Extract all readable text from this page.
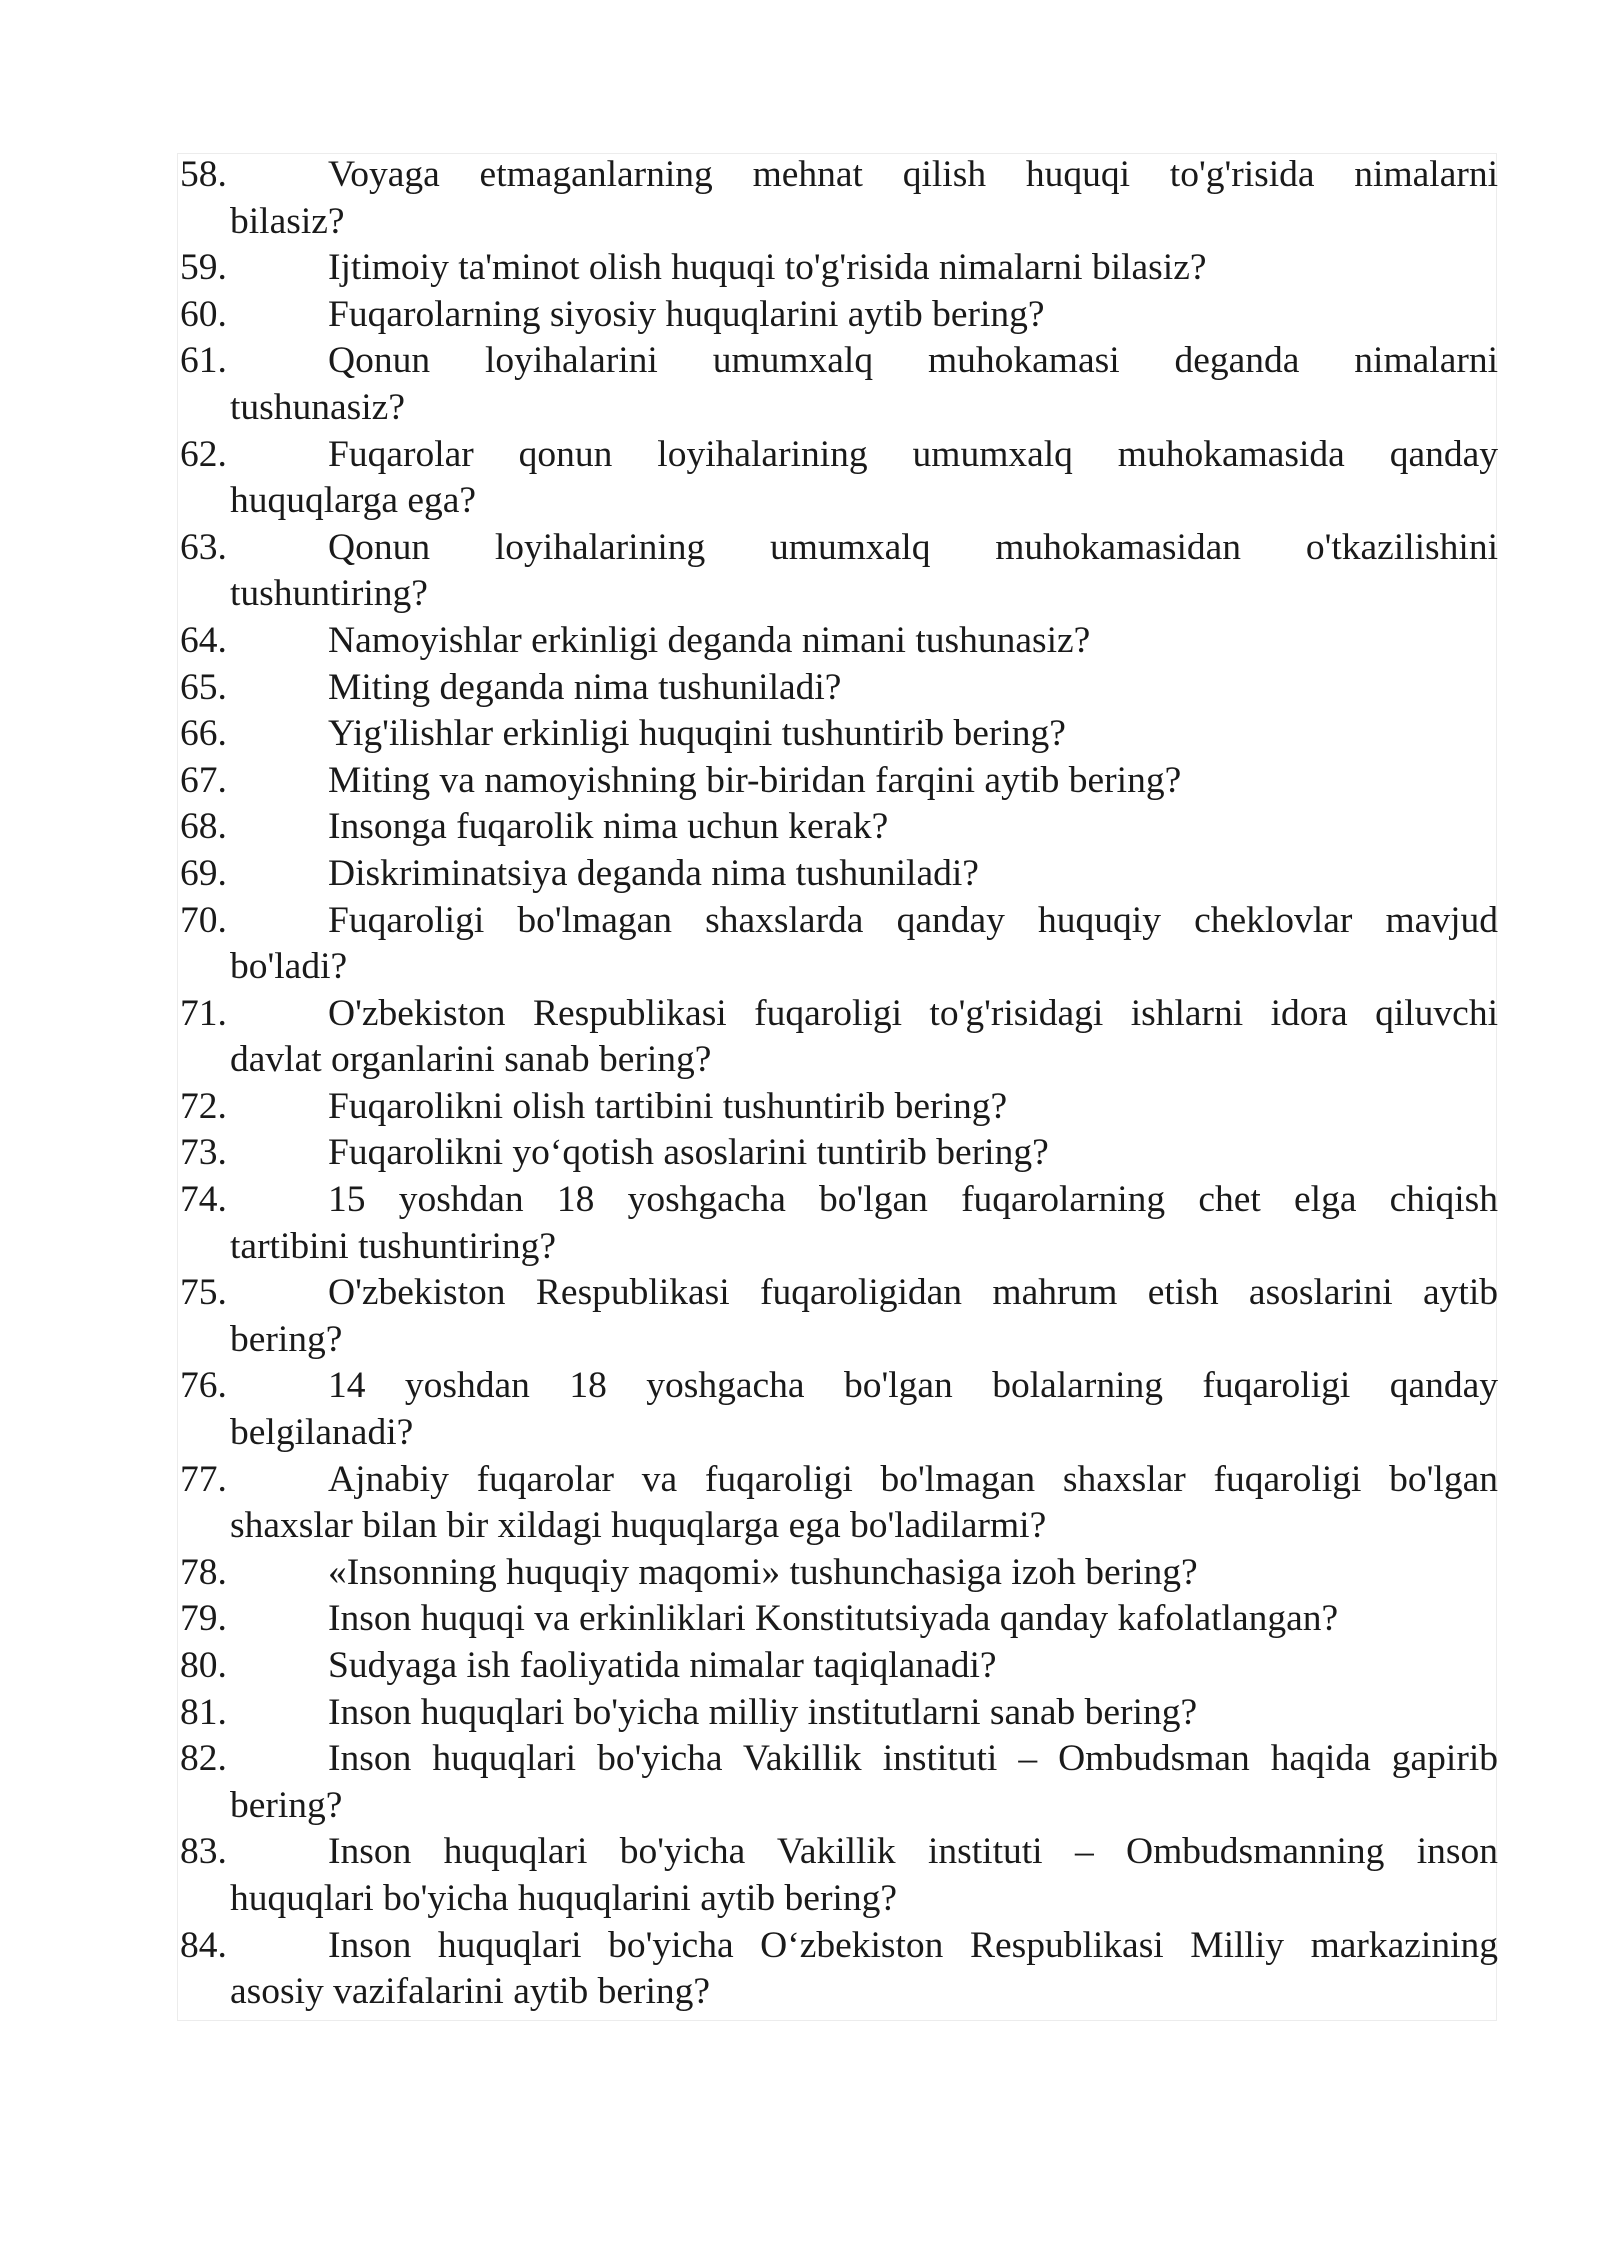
58.	Voyaga etmaganlarning mehnat qilish huquqi to'g'risida nimalarni
bilasiz?
59.	Ijtimoiy ta'minot olish huquqi to'g'risida nimalarni bilasiz?
60.	Fuqarolarning siyosiy huquqlarini aytib bering?
61.	Qonun loyihalarini umumxalq muhokamasi deganda nimalarni
tushunasiz?
62.	Fuqarolar qonun loyihalarining umumxalq muhokamasida qanday
huquqlarga ega?
63.	Qonun loyihalarining umumxalq muhokamasidan o'tkazilishini
tushuntiring?
64.	Namoyishlar erkinligi deganda nimani tushunasiz?
65.	Miting deganda nima tushuniladi?
66.	Yig'ilishlar erkinligi huquqini tushuntirib bering?
67.	Miting va namoyishning bir-biridan farqini aytib bering?
68.	Insonga fuqarolik nima uchun kerak?
69.	Diskriminatsiya deganda nima tushuniladi?
70.	Fuqaroligi bo'lmagan shaxslarda qanday huquqiy cheklovlar mavjud
bo'ladi?
71.	O'zbekiston Respublikasi fuqaroligi to'g'risidagi ishlarni idora qiluvchi
davlat organlarini sanab bering?
72.	Fuqarolikni olish tartibini tushuntirib bering?
73.	Fuqarolikni yo‘qotish asoslarini tuntirib bering?
74.	15 yoshdan 18 yoshgacha bo'lgan fuqarolarning chet elga chiqish
tartibini tushuntiring?
75.	O'zbekiston Respublikasi fuqaroligidan mahrum etish asoslarini aytib
bering?
76.	14 yoshdan 18 yoshgacha bo'lgan bolalarning fuqaroligi qanday
belgilanadi?
77.	Ajnabiy fuqarolar va fuqaroligi bo'lmagan shaxslar fuqaroligi bo'lgan
shaxslar bilan bir xildagi huquqlarga ega bo'ladilarmi?
78.	«Insonning huquqiy maqomi» tushunchasiga izoh bering?
79.	Inson huquqi va erkinliklari Konstitutsiyada qanday kafolatlangan?
80.	Sudyaga ish faoliyatida nimalar taqiqlanadi?
81.	Inson huquqlari bo'yicha milliy institutlarni sanab bering?
82.	Inson huquqlari bo'yicha Vakillik instituti – Ombudsman haqida gapirib
bering?
83.	Inson huquqlari bo'yicha Vakillik instituti – Ombudsmanning inson
huquqlari bo'yicha huquqlarini aytib bering?
84.	Inson huquqlari bo'yicha O‘zbekiston Respublikasi Milliy markazining
asosiy vazifalarini aytib bering?
